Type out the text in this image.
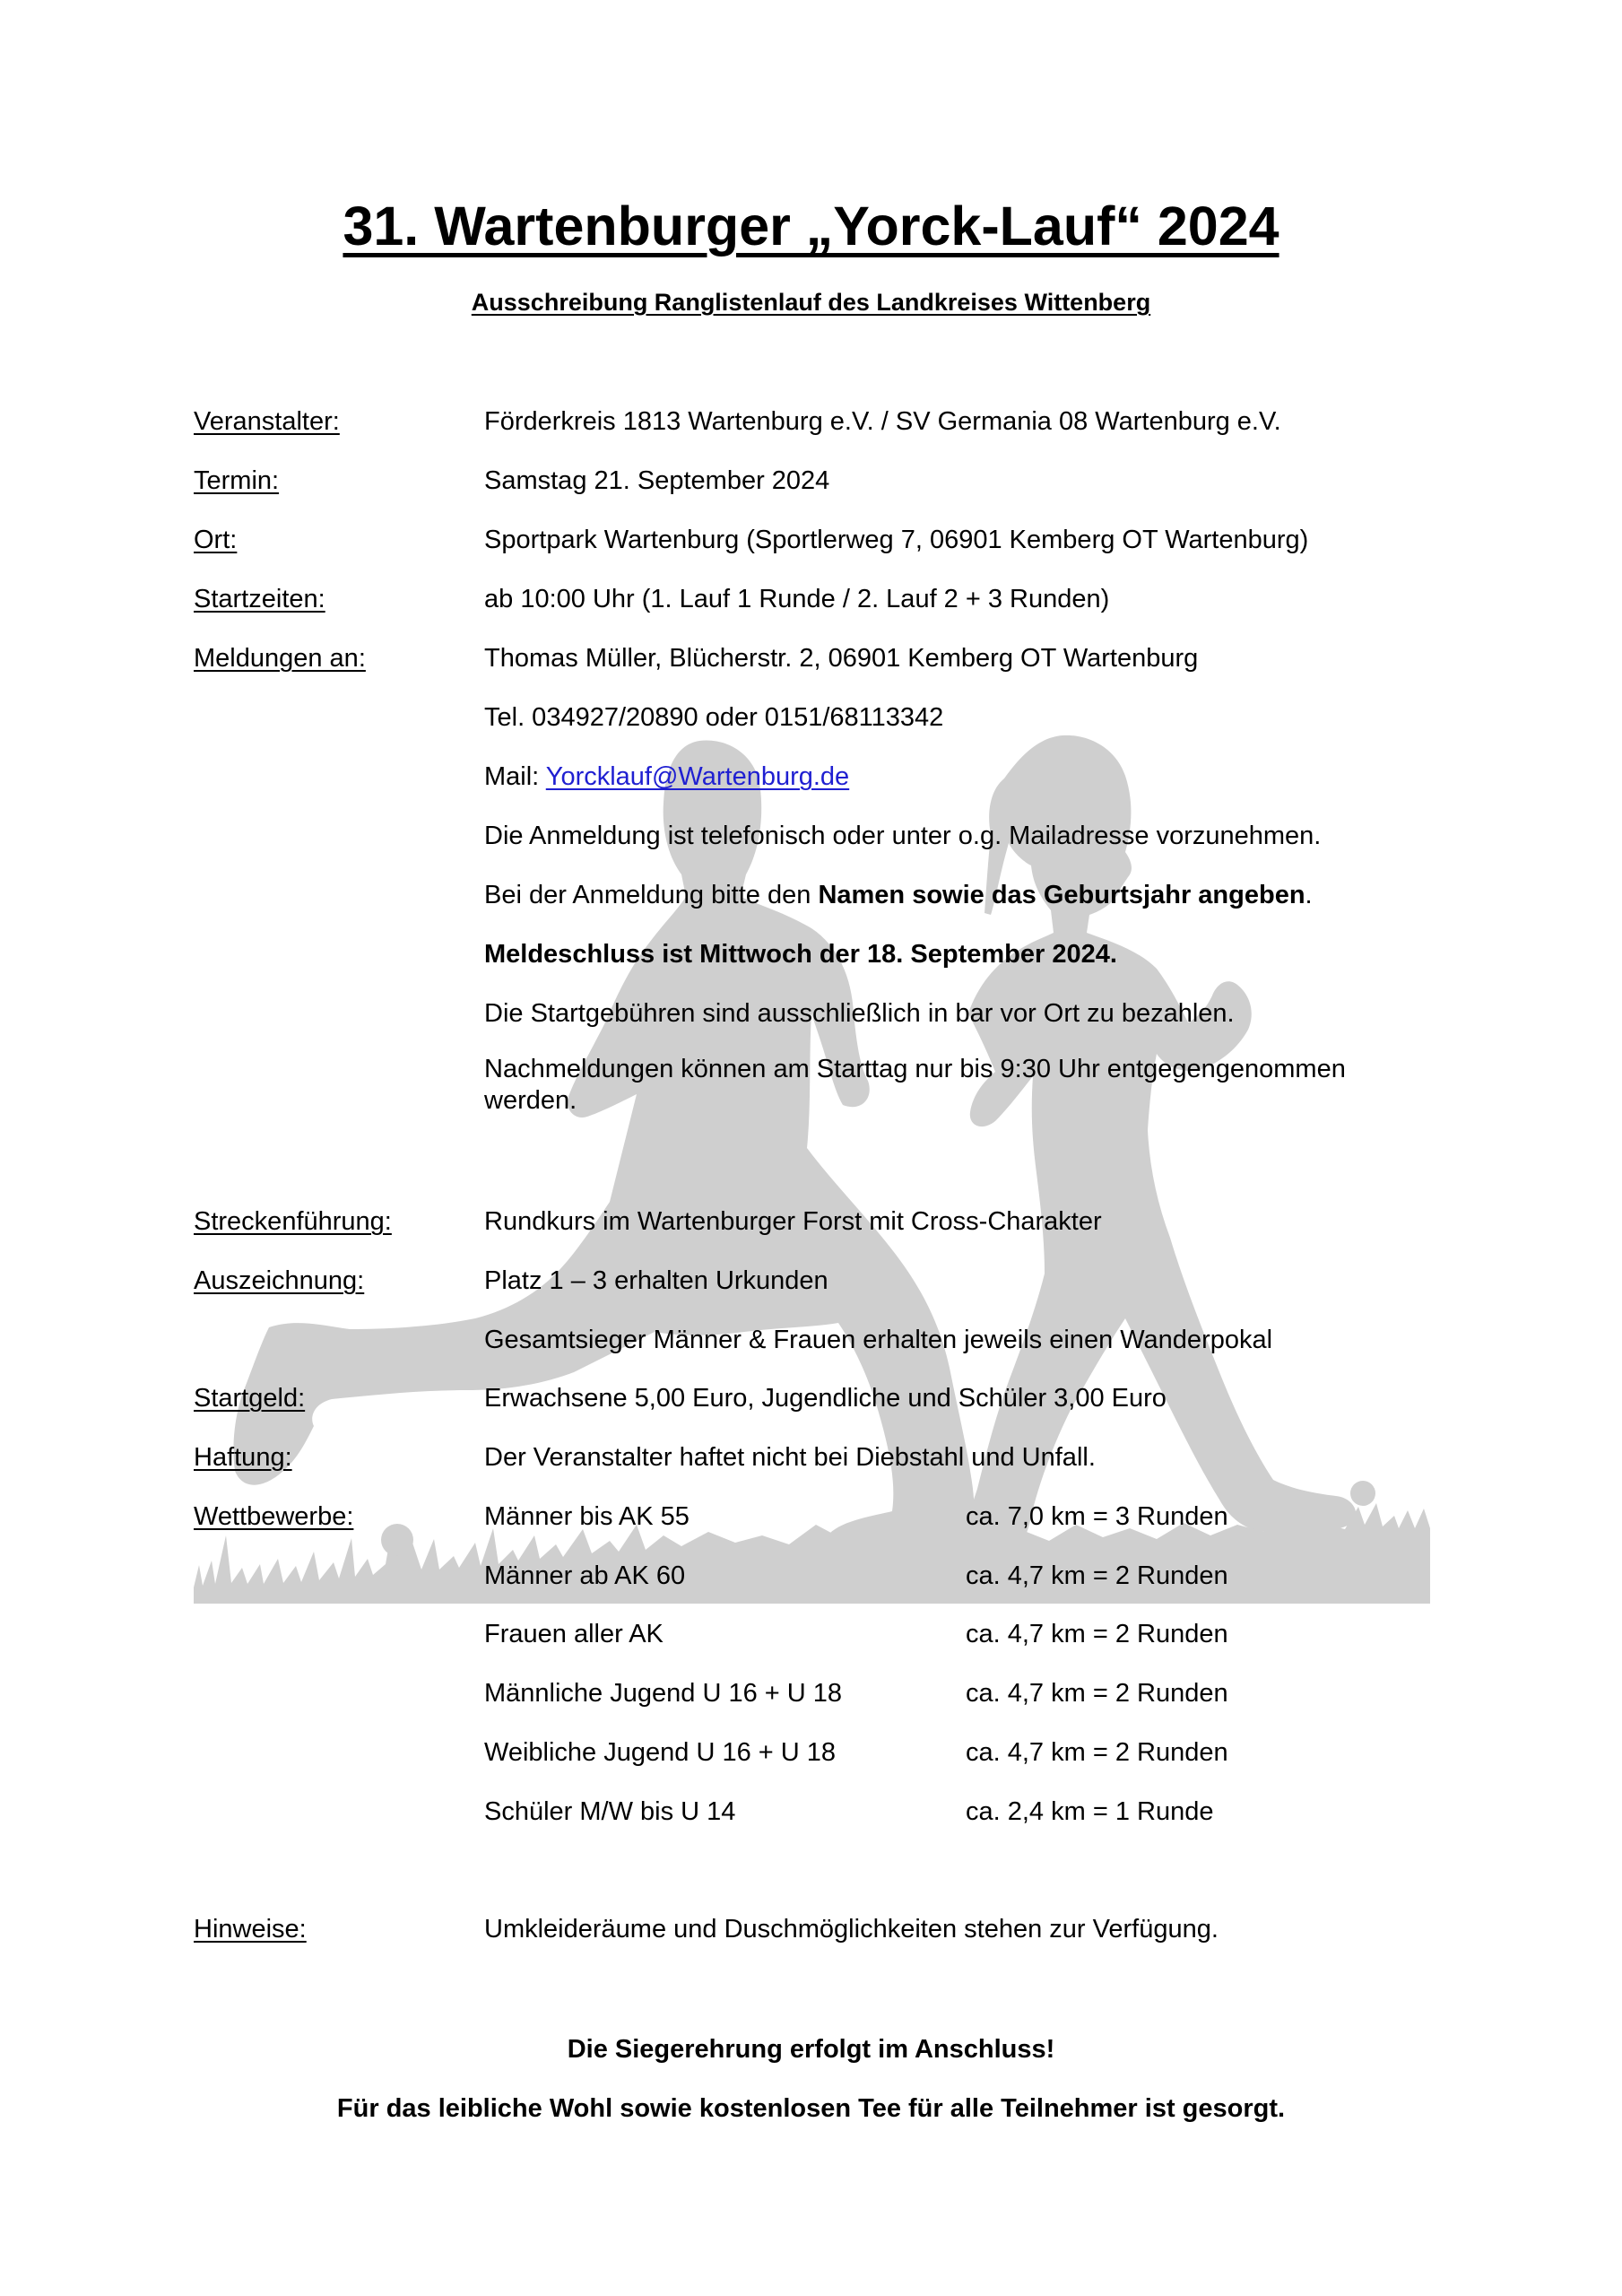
31. Wartenburger „Yorck-Lauf“ 2024
Ausschreibung Ranglistenlauf des Landkreises Wittenberg
Veranstalter:	Förderkreis 1813 Wartenburg e.V. / SV Germania 08 Wartenburg e.V.
Termin:	Samstag 21. September 2024
Ort:	Sportpark Wartenburg (Sportlerweg 7, 06901 Kemberg OT Wartenburg)
Startzeiten:	ab 10:00 Uhr (1. Lauf 1 Runde / 2. Lauf 2 + 3 Runden)
Meldungen an:	Thomas Müller, Blücherstr. 2, 06901 Kemberg OT Wartenburg
Tel. 034927/20890 oder 0151/68113342
Mail: Yorcklauf@Wartenburg.de
Die Anmeldung ist telefonisch oder unter o.g. Mailadresse vorzunehmen.
Bei der Anmeldung bitte den Namen sowie das Geburtsjahr angeben.
Meldeschluss ist Mittwoch der 18. September 2024.
Die Startgebühren sind ausschließlich in bar vor Ort zu bezahlen.
Nachmeldungen können am Starttag nur bis 9:30 Uhr entgegengenommen werden.
Streckenführung:	Rundkurs im Wartenburger Forst mit Cross-Charakter
Auszeichnung:	Platz 1 – 3 erhalten Urkunden
Gesamtsieger Männer & Frauen erhalten jeweils einen Wanderpokal
Startgeld:	Erwachsene 5,00 Euro, Jugendliche und Schüler 3,00 Euro
Haftung:	Der Veranstalter haftet nicht bei Diebstahl und Unfall.
Wettbewerbe:	Männer bis AK 55	ca. 7,0 km = 3 Runden
Männer ab AK 60	ca. 4,7 km = 2 Runden
Frauen aller AK	ca. 4,7 km = 2 Runden
Männliche Jugend U 16 + U 18	ca. 4,7 km = 2 Runden
Weibliche Jugend U 16 + U 18	ca. 4,7 km = 2 Runden
Schüler M/W bis U 14	ca. 2,4 km = 1 Runde
Hinweise:	Umkleideräume und Duschmöglichkeiten stehen zur Verfügung.
Die Siegerehrung erfolgt im Anschluss!
Für das leibliche Wohl sowie kostenlosen Tee für alle Teilnehmer ist gesorgt.
